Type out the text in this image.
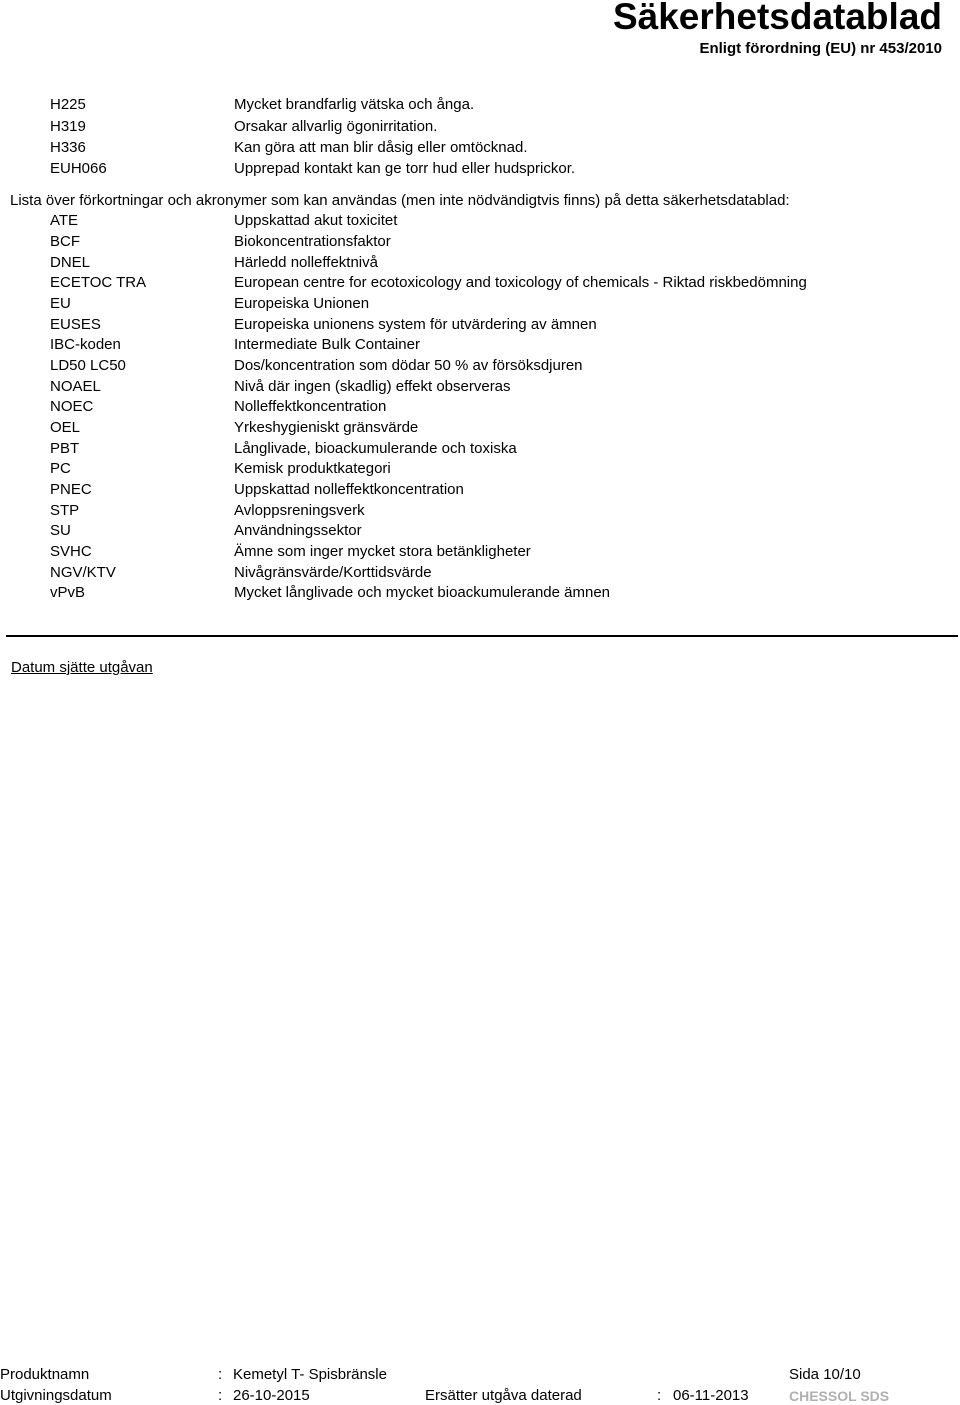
Säkerhetsdatablad
Enligt förordning (EU) nr 453/2010
H225	Mycket brandfarlig vätska och ånga.
H319	Orsakar allvarlig ögonirritation.
H336	Kan göra att man blir dåsig eller omtöcknad.
EUH066	Upprepad kontakt kan ge torr hud eller hudsprickor.
Lista över förkortningar och akronymer som kan användas (men inte nödvändigtvis finns) på detta säkerhetsdatablad:
ATE	Uppskattad akut toxicitet
BCF	Biokoncentrationsfaktor
DNEL	Härledd nolleffektnivå
ECETOC TRA	European centre for ecotoxicology and toxicology of chemicals - Riktad riskbedömning
EU	Europeiska Unionen
EUSES	Europeiska unionens system för utvärdering av ämnen
IBC-koden	Intermediate Bulk Container
LD50 LC50	Dos/koncentration som dödar 50 % av försöksdjuren
NOAEL	Nivå där ingen (skadlig) effekt observeras
NOEC	Nolleffektkoncentration
OEL	Yrkeshygieniskt gränsvärde
PBT	Långlivade, bioackumulerande och toxiska
PC	Kemisk produktkategori
PNEC	Uppskattad nolleffektkoncentration
STP	Avloppsreningsverk
SU	Användningssektor
SVHC	Ämne som inger mycket stora betänkligheter
NGV/KTV	Nivågränsvärde/Korttidsvärde
vPvB	Mycket långlivade och mycket bioackumulerande ämnen
Datum sjätte utgåvan
Produktnamn	: Kemetyl T- Spisbränsle	Sida 10/10
Utgivningsdatum	: 26-10-2015	Ersätter utgåva daterad	: 06-11-2013	CHESSOL SDS
